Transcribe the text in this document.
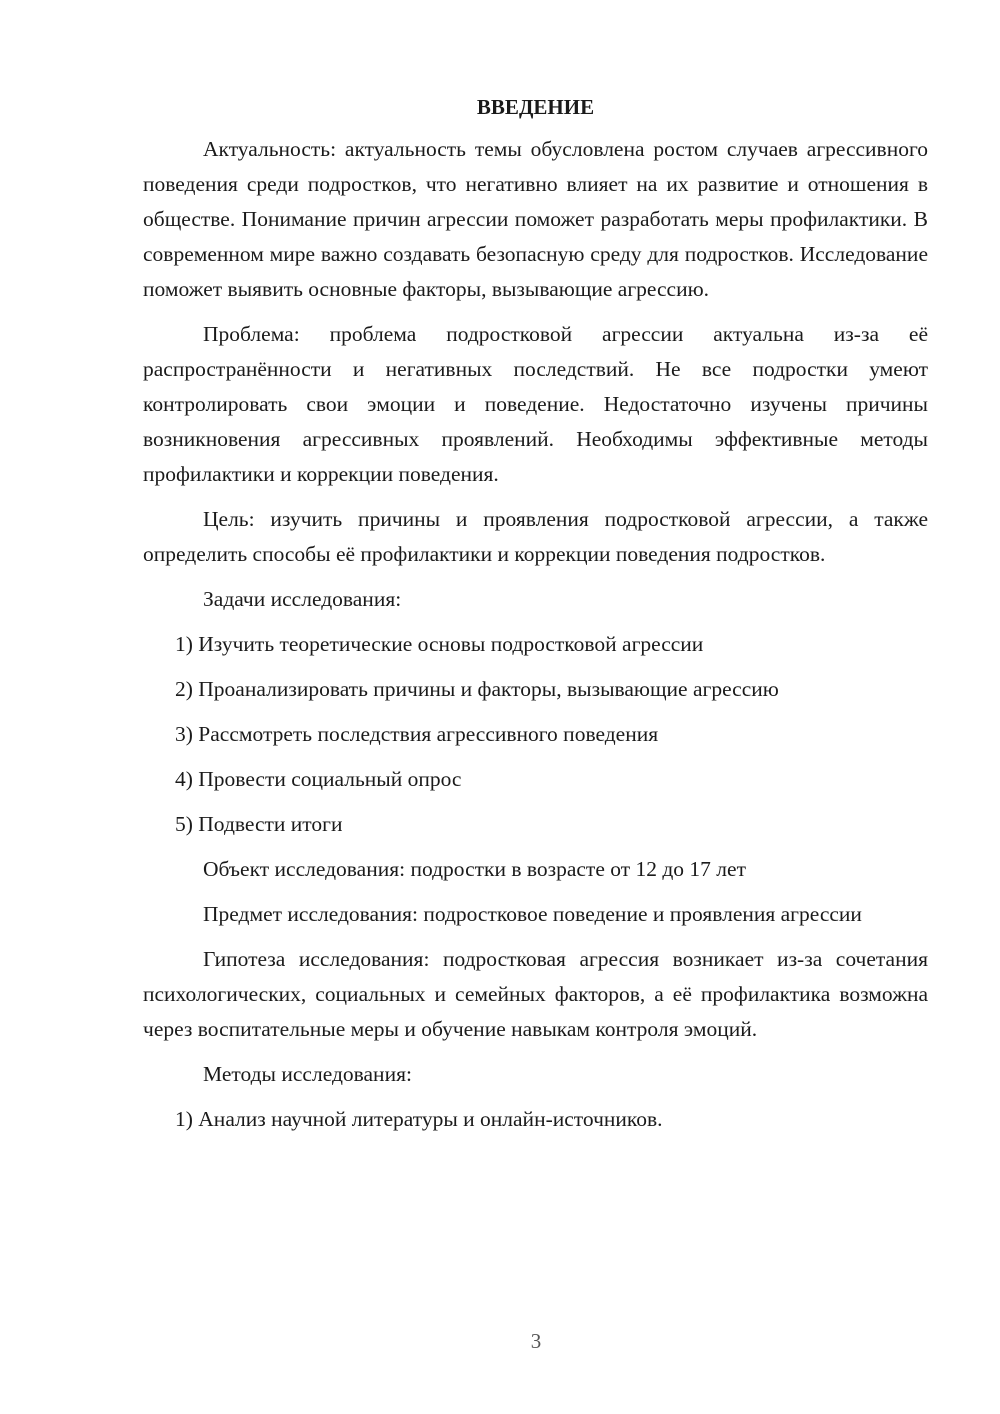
ВВЕДЕНИЕ

Актуальность: актуальность темы обусловлена ростом случаев агрессивного поведения среди подростков, что негативно влияет на их развитие и отношения в обществе. Понимание причин агрессии поможет разработать меры профилактики. В современном мире важно создавать безопасную среду для подростков. Исследование поможет выявить основные факторы, вызывающие агрессию.

Проблема: проблема подростковой агрессии актуальна из-за её распространённости и негативных последствий. Не все подростки умеют контролировать свои эмоции и поведение. Недостаточно изучены причины возникновения агрессивных проявлений. Необходимы эффективные методы профилактики и коррекции поведения.

Цель: изучить причины и проявления подростковой агрессии, а также определить способы её профилактики и коррекции поведения подростков.

Задачи исследования:

1) Изучить теоретические основы подростковой агрессии

2) Проанализировать причины и факторы, вызывающие агрессию

3) Рассмотреть последствия агрессивного поведения

4) Провести социальный опрос

5) Подвести итоги

Объект исследования: подростки в возрасте от 12 до 17 лет

Предмет исследования: подростковое поведение и проявления агрессии

Гипотеза исследования: подростковая агрессия возникает из-за сочетания психологических, социальных и семейных факторов, а её профилактика возможна через воспитательные меры и обучение навыкам контроля эмоций.

Методы исследования:

1) Анализ научной литературы и онлайн-источников.

3
